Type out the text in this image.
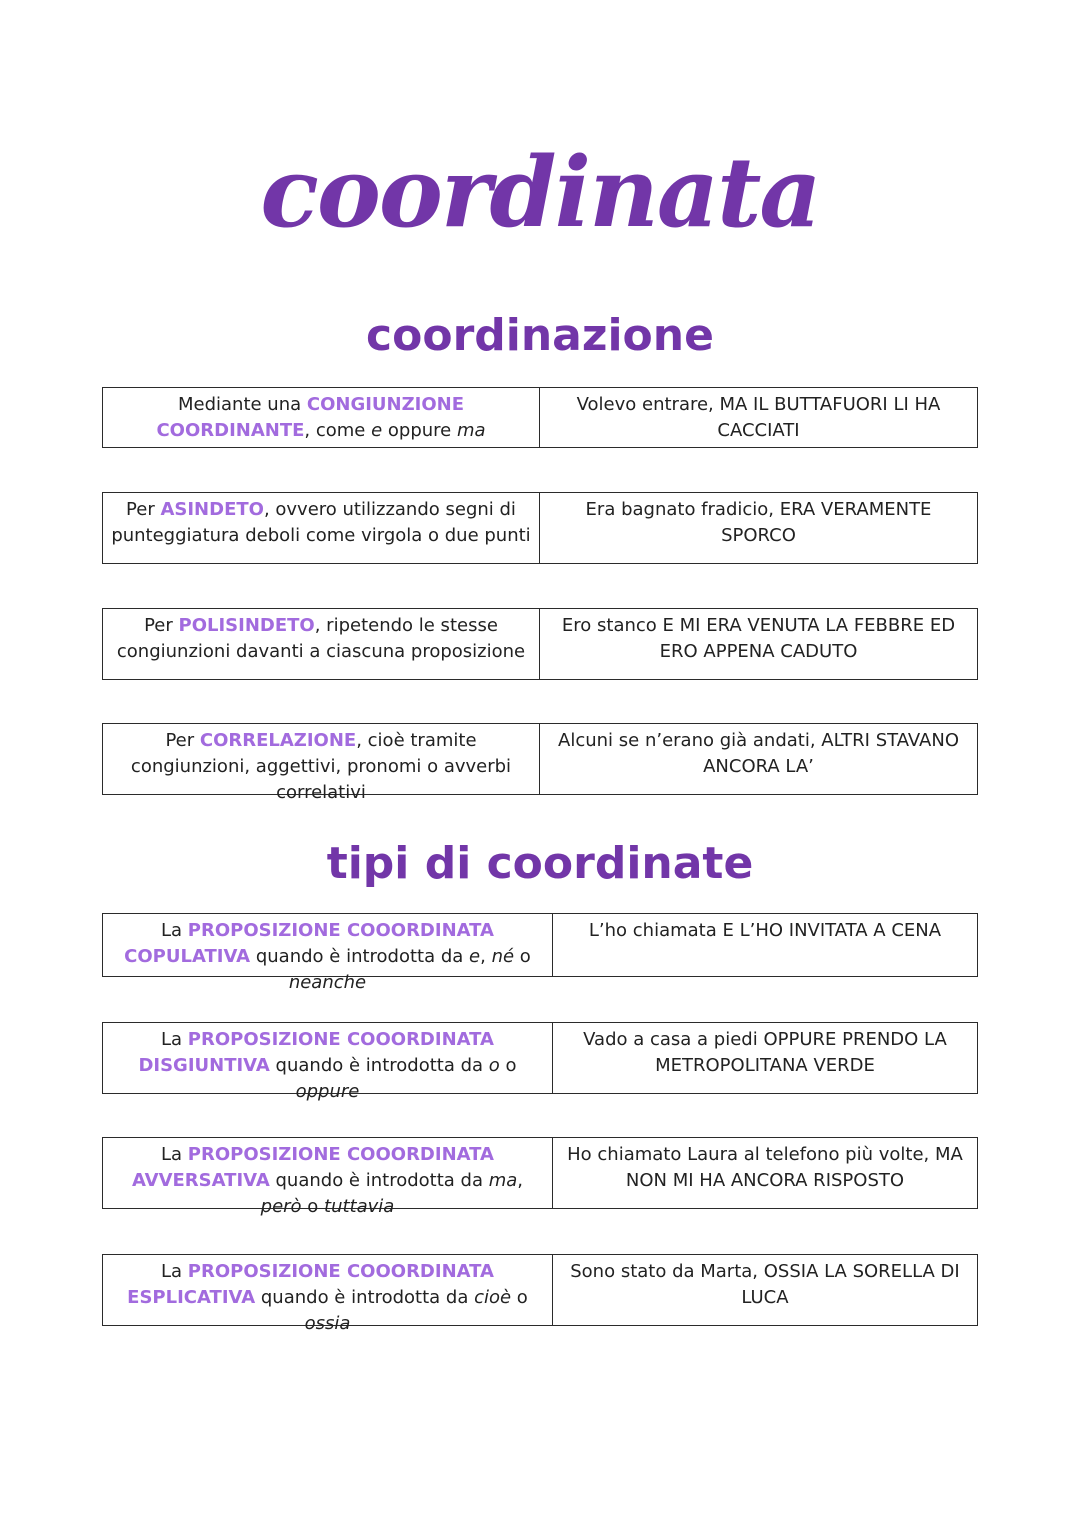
coordinata
coordinazione
Mediante una CONGIUNZIONE COORDINANTE, come e oppure ma
Volevo entrare, MA IL BUTTAFUORI LI HA CACCIATI
Per ASINDETO, ovvero utilizzando segni di punteggiatura deboli come virgola o due punti
Era bagnato fradicio, ERA VERAMENTE SPORCO
Per POLISINDETO, ripetendo le stesse congiunzioni davanti a ciascuna proposizione
Ero stanco E MI ERA VENUTA LA FEBBRE ED ERO APPENA CADUTO
Per CORRELAZIONE, cioè tramite congiunzioni, aggettivi, pronomi o avverbi correlativi
Alcuni se n’erano già andati, ALTRI STAVANO ANCORA LA’
tipi di coordinate
La PROPOSIZIONE COOORDINATA COPULATIVA quando è introdotta da e, né o neanche
L’ho chiamata E L’HO INVITATA A CENA
La PROPOSIZIONE COOORDINATA DISGIUNTIVA quando è introdotta da o o oppure
Vado a casa a piedi OPPURE PRENDO LA METROPOLITANA VERDE
La PROPOSIZIONE COOORDINATA AVVERSATIVA quando è introdotta da ma, però o tuttavia
Ho chiamato Laura al telefono più volte, MA NON MI HA ANCORA RISPOSTO
La PROPOSIZIONE COOORDINATA ESPLICATIVA quando è introdotta da cioè o ossia
Sono stato da Marta, OSSIA LA SORELLA DI LUCA
